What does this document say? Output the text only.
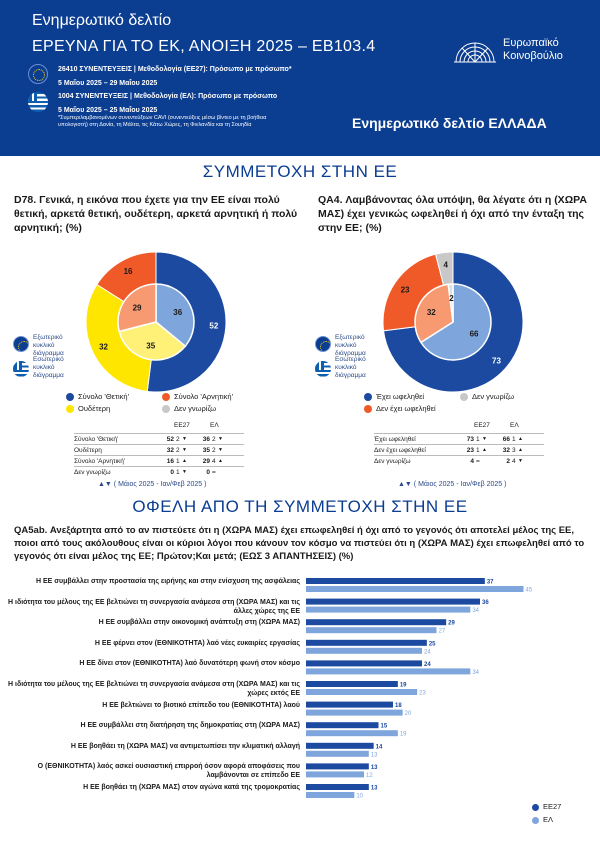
Ενημερωτικό δελτίο
ΕΡΕΥΝΑ ΓΙΑ ΤΟ ΕΚ, ΑΝΟΙΞΗ 2025 – EB103.4
26410 ΣΥΝΕΝΤΕΥΞΕΙΣ | Μεθοδολογία (ΕΕ27): Πρόσωπο με πρόσωπο*
5 Μαΐου 2025 – 29 Μαΐου 2025
1004 ΣΥΝΕΝΤΕΥΞΕΙΣ | Μεθοδολογία (ΕΛ): Πρόσωπο με πρόσωπο
5 Μαΐου 2025 – 25 Μαΐου 2025
*Συμπεριλαμβανομένων συνεντεύξεων CAVI (συνεντεύξεις μέσω βίντεο με τη βοήθεια
υπολογιστή) στη Δανία, τη Μάλτα, τις Κάτω Χώρες, τη Φινλανδία και τη Σουηδία
Ευρωπαϊκό
Κοινοβούλιο
Ενημερωτικό δελτίο ΕΛΛΑΔΑ
ΣΥΜΜΕΤΟΧΗ ΣΤΗΝ ΕΕ
D78. Γενικά, η εικόνα που έχετε για την ΕΕ είναι πολύ θετική, αρκετά θετική, ουδέτερη, αρκετά αρνητική ή πολύ αρνητική; (%)
QA4. Λαμβάνοντας όλα υπόψη, θα λέγατε ότι η (ΧΩΡΑ ΜΑΣ) έχει γενικώς ωφεληθεί ή όχι από την ένταξη της στην ΕΕ; (%)
52
32
16
36
35
29
73
23
4
66
32
2
Εξωτερικό
κυκλικό
διάγραμμα
Εσωτερικό
κυκλικό
διάγραμμα
Εξωτερικό
κυκλικό
διάγραμμα
Εσωτερικό
κυκλικό
διάγραμμα
Σύνολο 'Θετική'	Σύνολο 'Αρνητική'
Ουδέτερη	Δεν γνωρίζω
Έχει ωφεληθεί	Δεν γνωρίζω
Δεν έχει ωφεληθεί
ΕΕ27	ΕΛ
Σύνολο 'Θετική'	52 2 ▼	36 2 ▼
Ουδέτερη	32 2 ▼	35 2 ▼
Σύνολο 'Αρνητική'	16 1 ▲	29 4 ▲
Δεν γνωρίζω	0 1 ▼	0 =
ΕΕ27	ΕΛ
Έχει ωφεληθεί	73 1 ▼	66 1 ▲
Δεν έχει ωφεληθεί	23 1 ▲	32 3 ▲
Δεν γνωρίζω	4 =	2 4 ▼
▲▼ ( Μάιος 2025 - Ιαν/Φεβ 2025 )	▲▼ ( Μάιος 2025 - Ιαν/Φεβ 2025 )
ΟΦΕΛΗ ΑΠΟ ΤΗ ΣΥΜΜΕΤΟΧΗ ΣΤΗΝ ΕΕ
QA5ab. Ανεξάρτητα από το αν πιστεύετε ότι η (ΧΩΡΑ ΜΑΣ) έχει επωφεληθεί ή όχι από το γεγονός ότι αποτελεί μέλος της ΕΕ, ποιοι από τους ακόλουθους είναι οι κύριοι λόγοι που κάνουν τον κόσμο να πιστεύει ότι η (ΧΩΡΑ ΜΑΣ) έχει επωφεληθεί από το γεγονός ότι είναι μέλος της ΕΕ; Πρώτον;Και μετά; (ΕΩΣ 3 ΑΠΑΝΤΗΣΕΙΣ) (%)
37
45
36
34
29
27
25
24
24
34
19
23
18
20
15
19
14
13
13
12
13
10
Η ΕΕ συμβάλλει στην προστασία της ειρήνης και στην ενίσχυση της ασφάλειας
Η ιδιότητα του μέλους της ΕΕ βελτιώνει τη συνεργασία ανάμεσα στη (ΧΩΡΑ ΜΑΣ) και τις άλλες χώρες της ΕΕ
Η ΕΕ συμβάλλει στην οικονομική ανάπτυξη στη (ΧΩΡΑ ΜΑΣ)
Η ΕΕ φέρνει στον (ΕΘΝΙΚΟΤΗΤΑ) λαό νέες ευκαιρίες εργασίας
Η ΕΕ δίνει στον (ΕΘΝΙΚΟΤΗΤΑ) λαό δυνατότερη φωνή στον κόσμο
Η ιδιότητα του μέλους της ΕΕ βελτιώνει τη συνεργασία ανάμεσα στη (ΧΩΡΑ ΜΑΣ) και τις χώρες εκτός ΕΕ
Η ΕΕ βελτιώνει το βιοτικό επίπεδο του (ΕΘΝΙΚΟΤΗΤΑ) λαού
Η ΕΕ συμβάλλει στη διατήρηση της δημοκρατίας στη (ΧΩΡΑ ΜΑΣ)
Η ΕΕ βοηθάει τη (ΧΩΡΑ ΜΑΣ) να αντιμετωπίσει την κλιματική αλλαγή
Ο (ΕΘΝΙΚΟΤΗΤΑ) λαός ασκεί ουσιαστική επιρροή όσον αφορά αποφάσεις που λαμβάνονται σε επίπεδο ΕΕ
Η ΕΕ βοηθάει τη (ΧΩΡΑ ΜΑΣ) στον αγώνα κατά της τρομοκρατίας
ΕΕ27
ΕΛ
